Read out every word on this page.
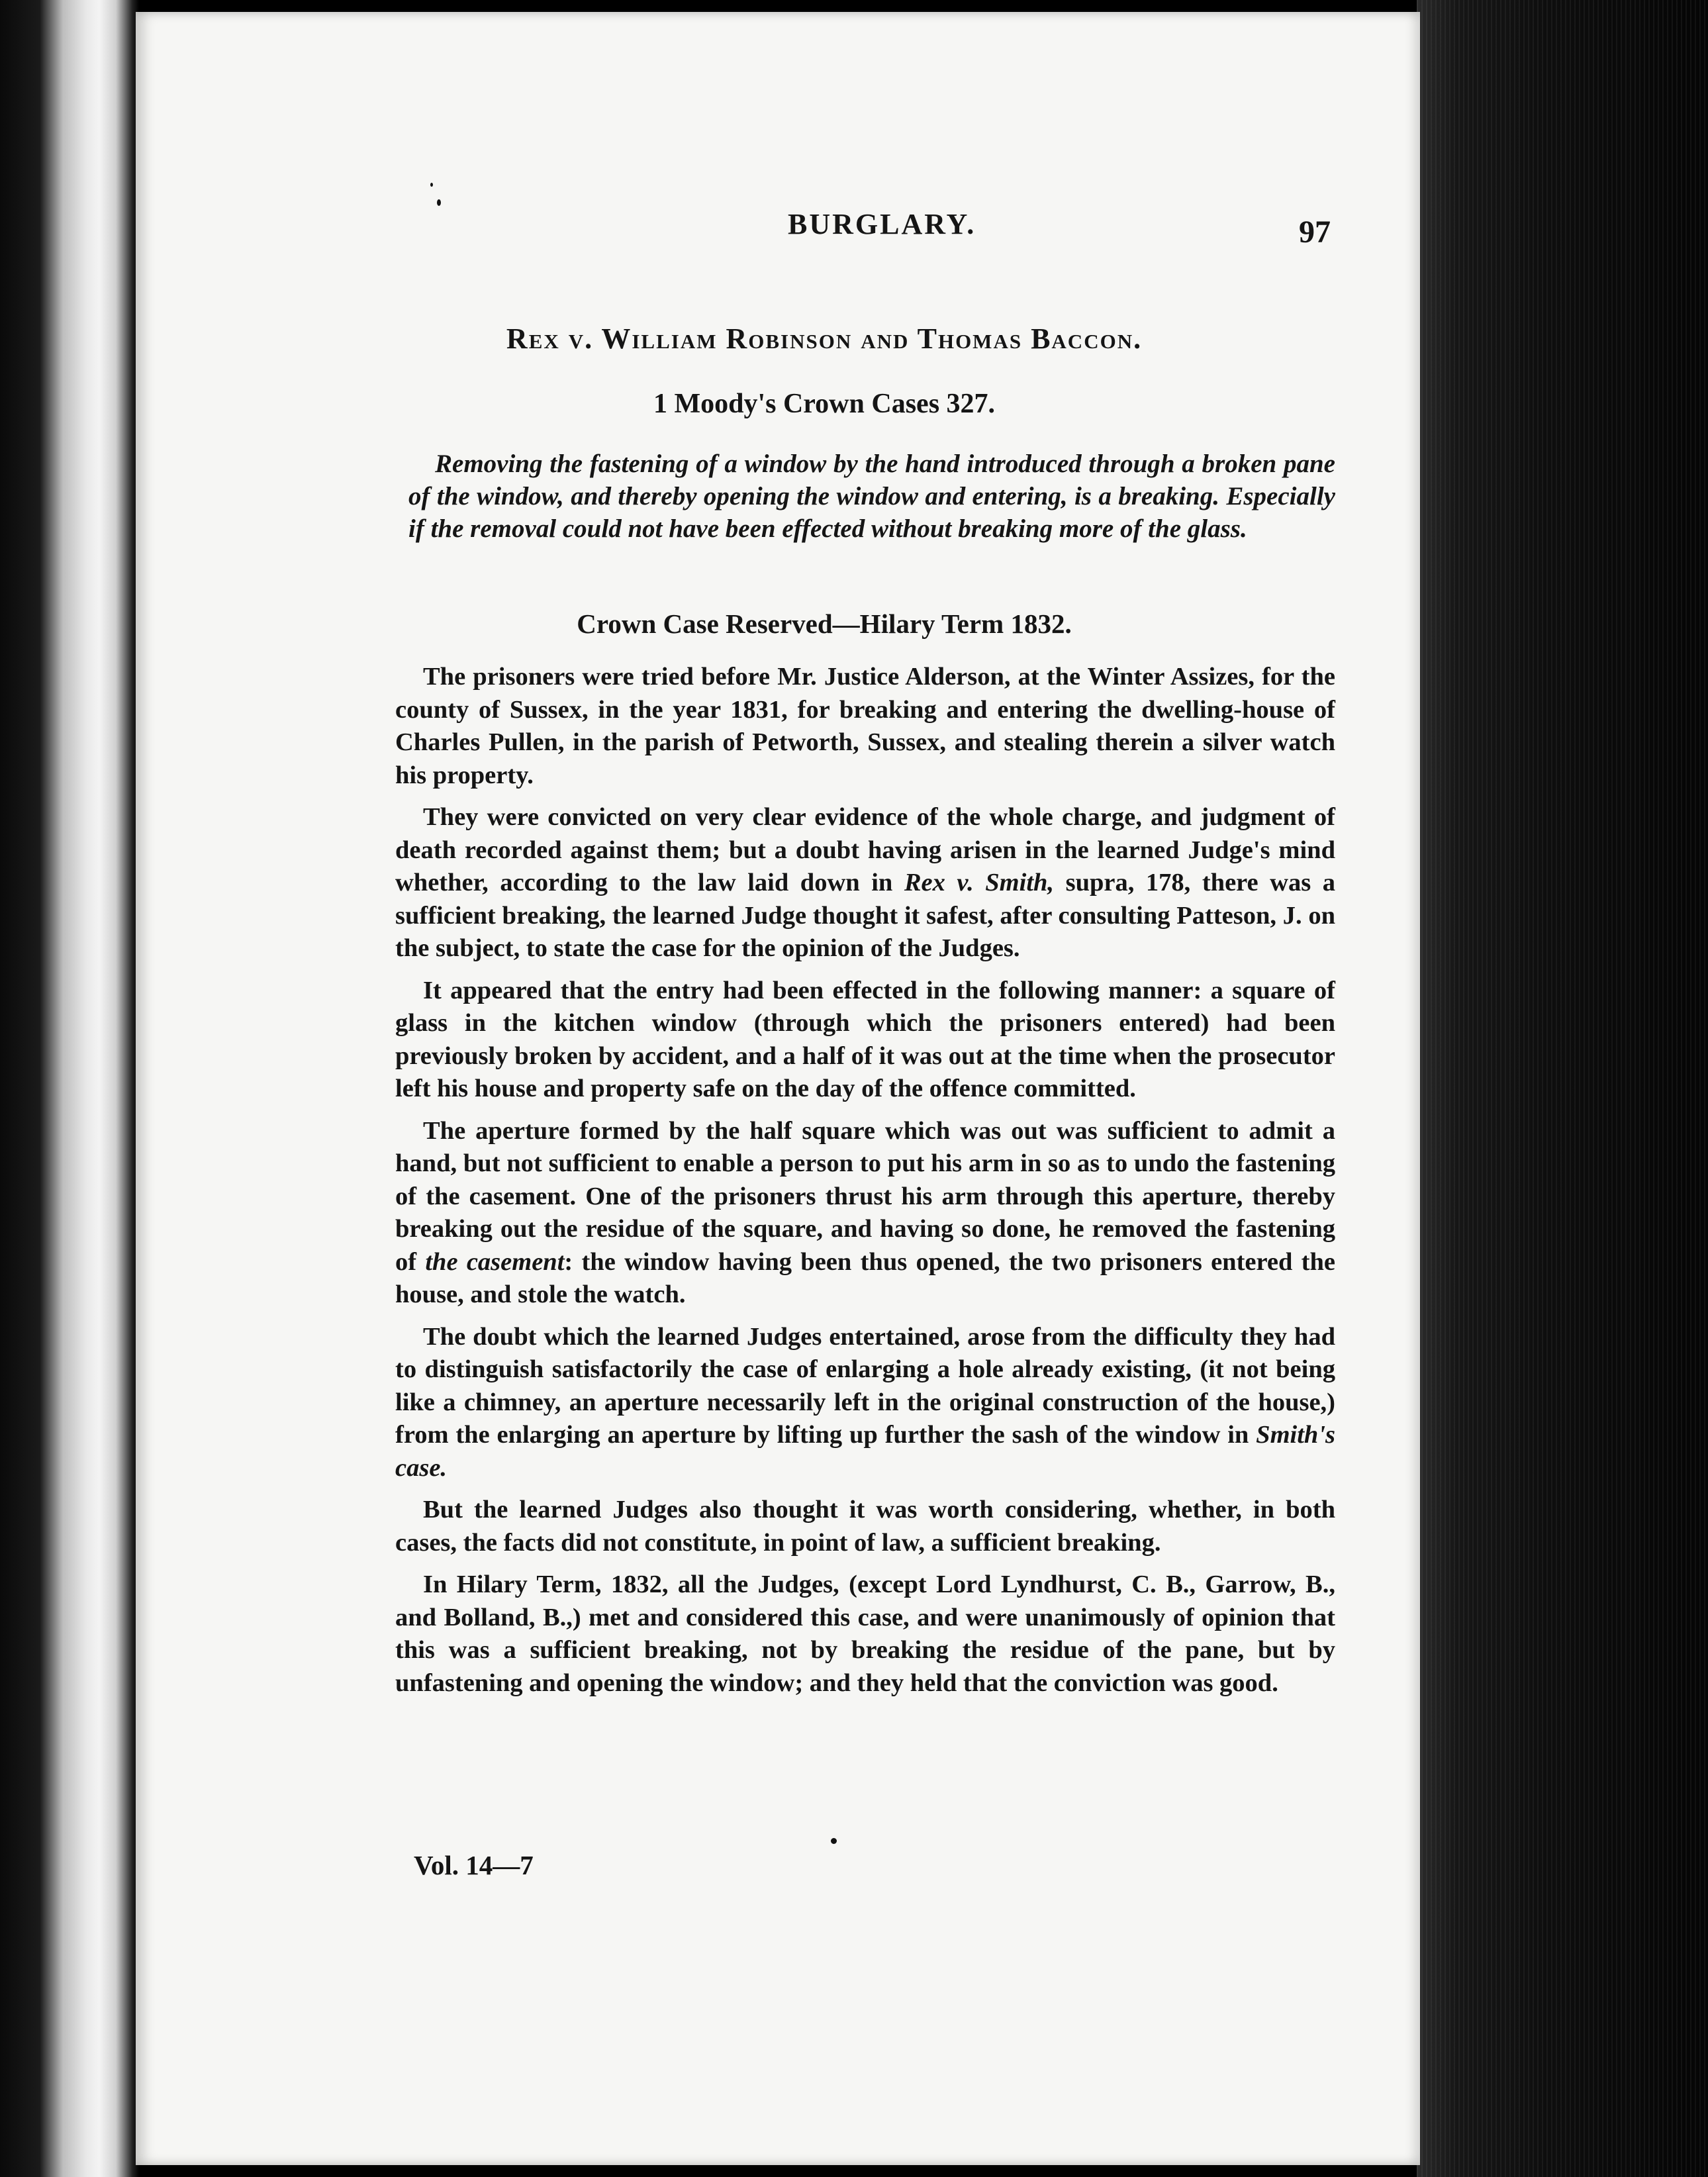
BURGLARY.	97
Rex v. William Robinson and Thomas Baccon.
1 Moody's Crown Cases 327.

Removing the fastening of a window by the hand introduced through a broken pane of the window, and thereby opening the window and entering, is a breaking. Especially if the removal could not have been effected without breaking more of the glass.

Crown Case Reserved—Hilary Term 1832.

The prisoners were tried before Mr. Justice Alderson, at the Winter Assizes, for the county of Sussex, in the year 1831, for breaking and entering the dwelling-house of Charles Pullen, in the parish of Petworth, Sussex, and stealing therein a silver watch his property.

They were convicted on very clear evidence of the whole charge, and judgment of death recorded against them; but a doubt having arisen in the learned Judge's mind whether, according to the law laid down in Rex v. Smith, supra, 178, there was a sufficient breaking, the learned Judge thought it safest, after consulting Patteson, J. on the subject, to state the case for the opinion of the Judges.

It appeared that the entry had been effected in the following manner: a square of glass in the kitchen window (through which the prisoners entered) had been previously broken by accident, and a half of it was out at the time when the prosecutor left his house and property safe on the day of the offence committed.

The aperture formed by the half square which was out was sufficient to admit a hand, but not sufficient to enable a person to put his arm in so as to undo the fastening of the casement. One of the prisoners thrust his arm through this aperture, thereby breaking out the residue of the square, and having so done, he removed the fastening of the casement: the window having been thus opened, the two prisoners entered the house, and stole the watch.

The doubt which the learned Judges entertained, arose from the difficulty they had to distinguish satisfactorily the case of enlarging a hole already existing, (it not being like a chimney, an aperture necessarily left in the original construction of the house,) from the enlarging an aperture by lifting up further the sash of the window in Smith's case.

But the learned Judges also thought it was worth considering, whether, in both cases, the facts did not constitute, in point of law, a sufficient breaking.

In Hilary Term, 1832, all the Judges, (except Lord Lyndhurst, C. B., Garrow, B., and Bolland, B.,) met and considered this case, and were unanimously of opinion that this was a sufficient breaking, not by breaking the residue of the pane, but by unfastening and opening the window; and they held that the conviction was good.

Vol. 14—7
